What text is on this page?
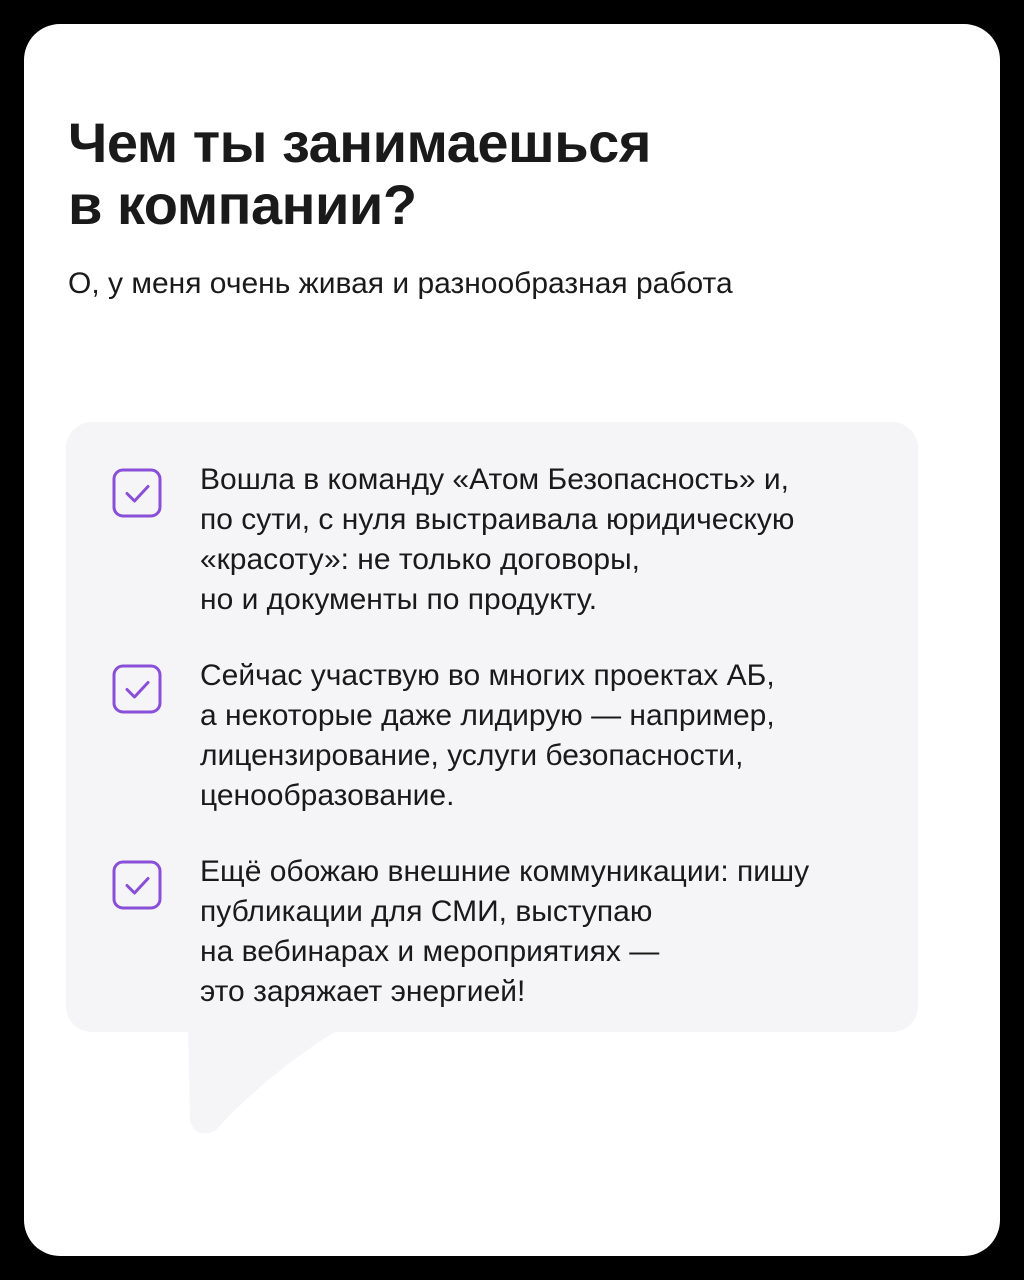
Чем ты занимаешься
в компании?

О, у меня очень живая и разнообразная работа

Вошла в команду «Атом Безопасность» и,
по сути, с нуля выстраивала юридическую
«красоту»: не только договоры,
но и документы по продукту.

Сейчас участвую во многих проектах АБ,
а некоторые даже лидирую — например,
лицензирование, услуги безопасности,
ценообразование.

Ещё обожаю внешние коммуникации: пишу
публикации для СМИ, выступаю
на вебинарах и мероприятиях —
это заряжает энергией!
